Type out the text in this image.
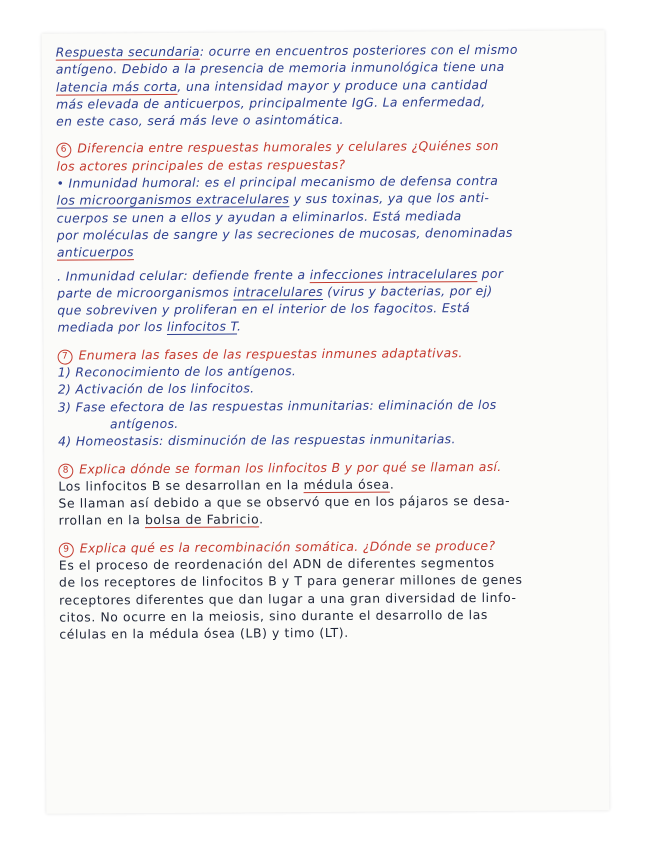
Respuesta secundaria: ocurre en encuentros posteriores con el mismo
antígeno. Debido a la presencia de memoria inmunológica tiene una
latencia más corta, una intensidad mayor y produce una cantidad
más elevada de anticuerpos, principalmente IgG. La enfermedad,
en este caso, será más leve o asintomática.
6 Diferencia entre respuestas humorales y celulares ¿Quiénes son
los actores principales de estas respuestas?
• Inmunidad humoral: es el principal mecanismo de defensa contra
los microorganismos extracelulares y sus toxinas, ya que los anti-
cuerpos se unen a ellos y ayudan a eliminarlos. Está mediada
por moléculas de sangre y las secreciones de mucosas, denominadas
anticuerpos
. Inmunidad celular: defiende frente a infecciones intracelulares por
parte de microorganismos intracelulares (virus y bacterias, por ej)
que sobreviven y proliferan en el interior de los fagocitos. Está
mediada por los linfocitos T.
7 Enumera las fases de las respuestas inmunes adaptativas.
1) Reconocimiento de los antígenos.
2) Activación de los linfocitos.
3) Fase efectora de las respuestas inmunitarias: eliminación de los
antígenos.
4) Homeostasis: disminución de las respuestas inmunitarias.
8 Explica dónde se forman los linfocitos B y por qué se llaman así.
Los linfocitos B se desarrollan en la médula ósea.
Se llaman así debido a que se observó que en los pájaros se desa-
rrollan en la bolsa de Fabricio.
9 Explica qué es la recombinación somática. ¿Dónde se produce?
Es el proceso de reordenación del ADN de diferentes segmentos
de los receptores de linfocitos B y T para generar millones de genes
receptores diferentes que dan lugar a una gran diversidad de linfo-
citos. No ocurre en la meiosis, sino durante el desarrollo de las
células en la médula ósea (LB) y timo (LT).
